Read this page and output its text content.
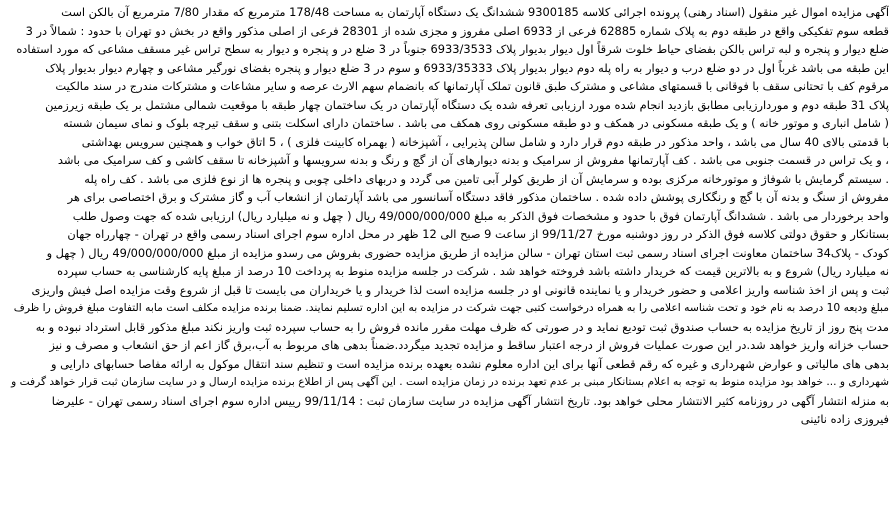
آگهی مزایده اموال غیر منقول (اسناد رهنی) پرونده اجرائی کلاسه 9300185 ششدانگ یک دستگاه آپارتمان به مساحت 178/48 مترمربع که مقدار 7/80 مترمربع آن بالکن است
قطعه سوم تفکیکی واقع در طبقه دوم به پلاک شماره 62885 فرعی از 6933 اصلی مفروز و مجزی شده از 28301 فرعی از اصلی مذکور واقع در بخش دو تهران با حدود : شمالاً در 3
ضلع دیوار و پنجره و لبه تراس بالکن بفضای حیاط خلوت شرقاً اول دیوار بدیوار پلاک 6933/3533 جنوباً در 3 ضلع در و پنجره و دیوار به سطح تراس غیر مسقف مشاعی که مورد استفاده
این طبقه می باشد غرباً اول در دو ضلع درب و دیوار به راه پله دوم دیوار بدیوار پلاک 6933/35333 و سوم در 3 ضلع دیوار و پنجره بفضای نورگیر مشاعی و چهارم دیوار بدیوار پلاک
مرقوم کف با تحتانی سقف با فوقانی با قسمتهای مشاعی و مشترک طبق قانون تملک آپارتمانها که بانضمام سهم الارث عرصه و سایر مشاعات و مشترکات مندرج در سند مالکیت
پلاک 31 طبقه دوم و موردارزیابی مطابق بازدید انجام شده مورد ارزیابی تعرفه شده یک دستگاه آپارتمان در یک ساختمان چهار طبقه با موقعیت شمالی مشتمل بر یک طبقه زیرزمین
( شامل انباری و موتور خانه ) و یک طبقه مسکونی در همکف و دو طبقه مسکونی روی همکف می باشد . ساختمان دارای اسکلت بتنی و سقف تیرچه بلوک و نمای سیمان شسته
با قدمتی بالای 40 سال می باشد ، واحد مذکور در طبقه دوم قرار دارد و شامل سالن پذیرایی ، آشپزخانه ( بهمراه کابینت فلزی ) ، 5 اتاق خواب و همچنین سرویس بهداشتی
، و یک تراس در قسمت جنوبی می باشد . کف آپارتمانها مفروش از سرامیک و بدنه دیوارهای آن از گچ و رنگ و بدنه سرویسها و آشپزخانه تا سقف کاشی و کف سرامیک می باشد
. سیستم گرمایش با شوفاژ و موتورخانه مرکزی بوده و سرمایش آن از طریق کولر آبی تامین می گردد و دربهای داخلی چوبی و پنجره ها از نوع فلزی می باشد . کف راه پله
مفروش از سنگ و بدنه آن با گچ و رنگکاری پوشش داده شده . ساختمان مذکور فاقد دستگاه آسانسور می باشد آپارتمان از انشعاب آب و گاز مشترک و برق اختصاصی برای هر
واحد برخوردار می باشد . ششدانگ آپارتمان فوق با حدود و مشخصات فوق الذکر به مبلغ 49/000/000/000 ریال ( چهل و نه میلیارد ریال) ارزیابی شده که جهت وصول طلب
بستانکار و حقوق دولتی کلاسه فوق الذکر در روز دوشنبه مورخ 99/11/27 از ساعت 9 صبح الی 12 ظهر در محل اداره سوم اجرای اسناد رسمی واقع در تهران - چهارراه جهان
کودک - پلاک34 ساختمان معاونت اجرای اسناد رسمی ثبت استان تهران - سالن مزایده از طریق مزایده حضوری بفروش می رسدو مزایده از مبلغ 49/000/000/000 ریال ( چهل و
نه میلیارد ریال) شروع و به بالاترین قیمت که خریدار داشته باشد فروخته خواهد شد . شرکت در جلسه مزایده منوط به پرداخت 10 درصد از مبلغ پایه کارشناسی به حساب سپرده
ثبت و پس از اخذ شناسه واریز اعلامی و حضور خریدار و یا نماینده قانونی او در جلسه مزایده است لذا خریدار و یا خریداران می بایست تا قبل از شروع وقت مزایده اصل فیش واریزی
مبلغ ودیعه 10 درصد به نام خود و تحت شناسه اعلامی را به همراه درخواست کتبی جهت شرکت در مزایده به این اداره تسلیم نمایند. ضمنا برنده مزایده مکلف است مابه التفاوت مبلغ فروش را ظرف
مدت پنج روز از تاریخ مزایده به حساب صندوق ثبت تودیع نماید و در صورتی که ظرف مهلت مقرر مانده فروش را به حساب سپرده ثبت واریز نکند مبلغ مذکور قابل استرداد نبوده و به
حساب خزانه واریز خواهد شد.در این صورت عملیات فروش از درجه اعتبار ساقط و مزایده تجدید میگردد.ضمناً بدهی های مربوط به آب،برق گاز اعم از حق انشعاب و مصرف و نیز
بدهی های مالیاتی و عوارض شهرداری و غیره که رقم قطعی آنها برای این اداره معلوم نشده بعهده برنده مزایده است و تنظیم سند انتقال موکول به ارائه مفاصا حسابهای دارایی و
شهرداری و ... خواهد بود مزایده منوط به توجه به اعلام بستانکار مبنی بر عدم تعهد برنده در زمان مزایده است . این آگهی پس از اطلاع برنده مزایده ارسال و در سایت سازمان ثبت قرار خواهد گرفت و
به منزله انتشار آگهی در روزنامه کثیر الانتشار محلی خواهد بود. تاریخ انتشار آگهی مزایده در سایت سازمان ثبت : 99/11/14 رییس اداره سوم اجرای اسناد رسمی تهران - علیرضا
فیروزی زاده نائینی
